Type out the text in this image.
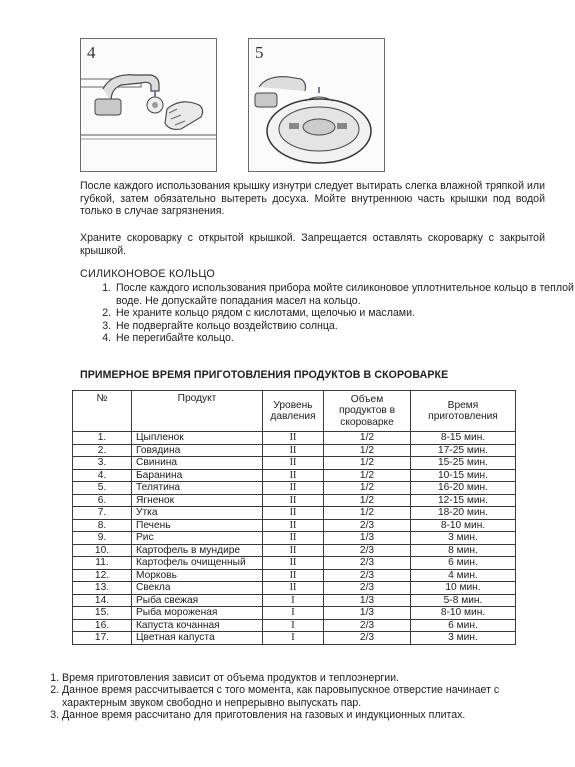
4	5

После каждого использования крышку изнутри следует вытирать слегка влажной тряпкой или губкой, затем обязательно вытереть досуха. Мойте внутреннюю часть крышки под водой только в случае загрязнения.

Храните скороварку с открытой крышкой. Запрещается оставлять скороварку с закрытой крышкой.

СИЛИКОНОВОЕ КОЛЬЦО
1. После каждого использования прибора мойте силиконовое уплотнительное кольцо в теплой воде. Не допускайте попадания масел на кольцо.
2. Не храните кольцо рядом с кислотами, щелочью и маслами.
3. Не подвергайте кольцо воздействию солнца.
4. Не перегибайте кольцо.
ПРИМЕРНОЕ ВРЕМЯ ПРИГОТОВЛЕНИЯ ПРОДУКТОВ В СКОРОВАРКЕ
№	Продукт	Уровень давления	Объем продуктов в скороварке	Время приготовления
1.	Цыпленок	II	1/2	8-15 мин.
2.	Говядина	II	1/2	17-25 мин.
3.	Свинина	II	1/2	15-25 мин.
4.	Баранина	II	1/2	10-15 мин.
5.	Телятина	II	1/2	16-20 мин.
6.	Ягненок	II	1/2	12-15 мин.
7.	Утка	II	1/2	18-20 мин.
8.	Печень	II	2/3	8-10 мин.
9.	Рис	II	1/3	3 мин.
10.	Картофель в мундире	II	2/3	8 мин.
11.	Картофель очищенный	II	2/3	6 мин.
12.	Морковь	II	2/3	4 мин.
13.	Свекла	II	2/3	10 мин.
14.	Рыба свежая	I	1/3	5-8 мин.
15.	Рыба мороженая	I	1/3	8-10 мин.
16.	Капуста кочанная	I	2/3	6 мин.
17.	Цветная капуста	I	2/3	3 мин.
1. Время приготовления зависит от объема продуктов и теплоэнергии.
2. Данное время рассчитывается с того момента, как паровыпускное отверстие начинает с характерным звуком свободно и непрерывно выпускать пар.
3. Данное время рассчитано для приготовления на газовых и индукционных плитах.
